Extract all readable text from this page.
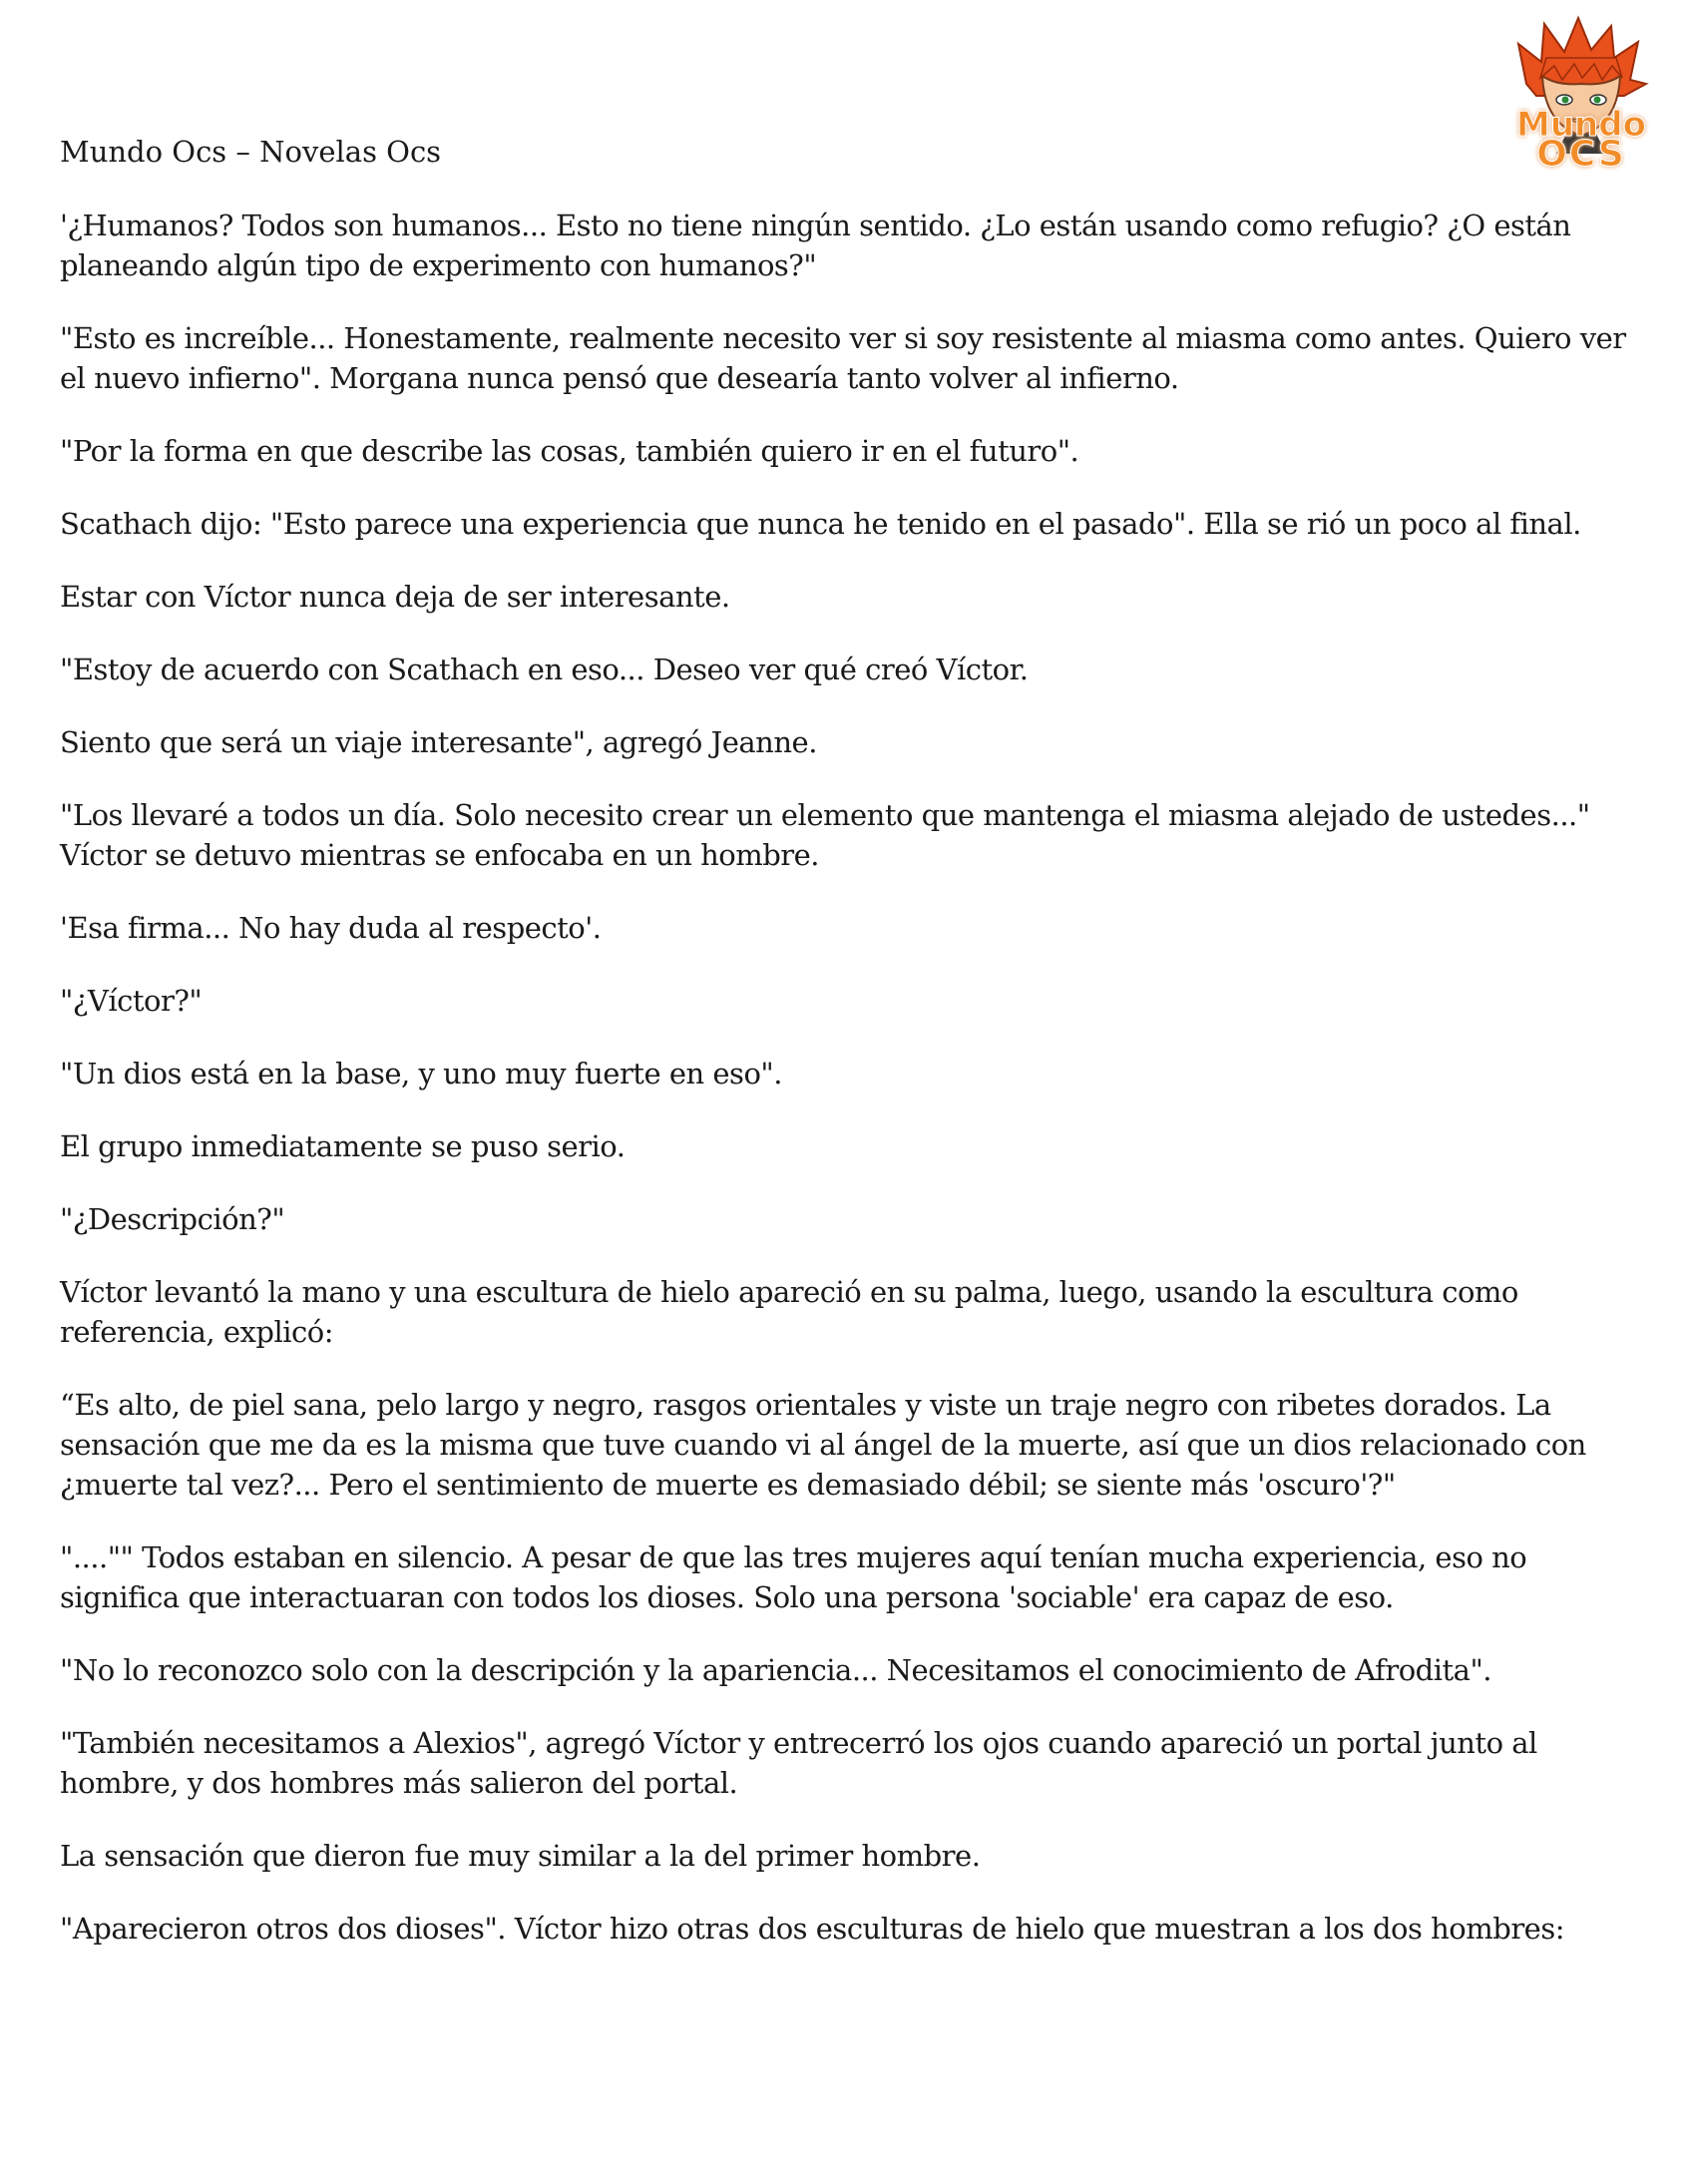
Mundo Ocs – Novelas Ocs
Mundo
OCS

'¿Humanos? Todos son humanos... Esto no tiene ningún sentido. ¿Lo están usando como refugio? ¿O están planeando algún tipo de experimento con humanos?"

"Esto es increíble... Honestamente, realmente necesito ver si soy resistente al miasma como antes. Quiero ver el nuevo infierno". Morgana nunca pensó que desearía tanto volver al infierno.

"Por la forma en que describe las cosas, también quiero ir en el futuro".

Scathach dijo: "Esto parece una experiencia que nunca he tenido en el pasado". Ella se rió un poco al final.

Estar con Víctor nunca deja de ser interesante.

"Estoy de acuerdo con Scathach en eso... Deseo ver qué creó Víctor.

Siento que será un viaje interesante", agregó Jeanne.

"Los llevaré a todos un día. Solo necesito crear un elemento que mantenga el miasma alejado de ustedes..." Víctor se detuvo mientras se enfocaba en un hombre.

'Esa firma... No hay duda al respecto'.

"¿Víctor?"

"Un dios está en la base, y uno muy fuerte en eso".

El grupo inmediatamente se puso serio.

"¿Descripción?"

Víctor levantó la mano y una escultura de hielo apareció en su palma, luego, usando la escultura como referencia, explicó:

“Es alto, de piel sana, pelo largo y negro, rasgos orientales y viste un traje negro con ribetes dorados. La sensación que me da es la misma que tuve cuando vi al ángel de la muerte, así que un dios relacionado con ¿muerte tal vez?... Pero el sentimiento de muerte es demasiado débil; se siente más 'oscuro'?"

"...."" Todos estaban en silencio. A pesar de que las tres mujeres aquí tenían mucha experiencia, eso no significa que interactuaran con todos los dioses. Solo una persona 'sociable' era capaz de eso.

"No lo reconozco solo con la descripción y la apariencia... Necesitamos el conocimiento de Afrodita".

"También necesitamos a Alexios", agregó Víctor y entrecerró los ojos cuando apareció un portal junto al hombre, y dos hombres más salieron del portal.

La sensación que dieron fue muy similar a la del primer hombre.

"Aparecieron otros dos dioses". Víctor hizo otras dos esculturas de hielo que muestran a los dos hombres:
